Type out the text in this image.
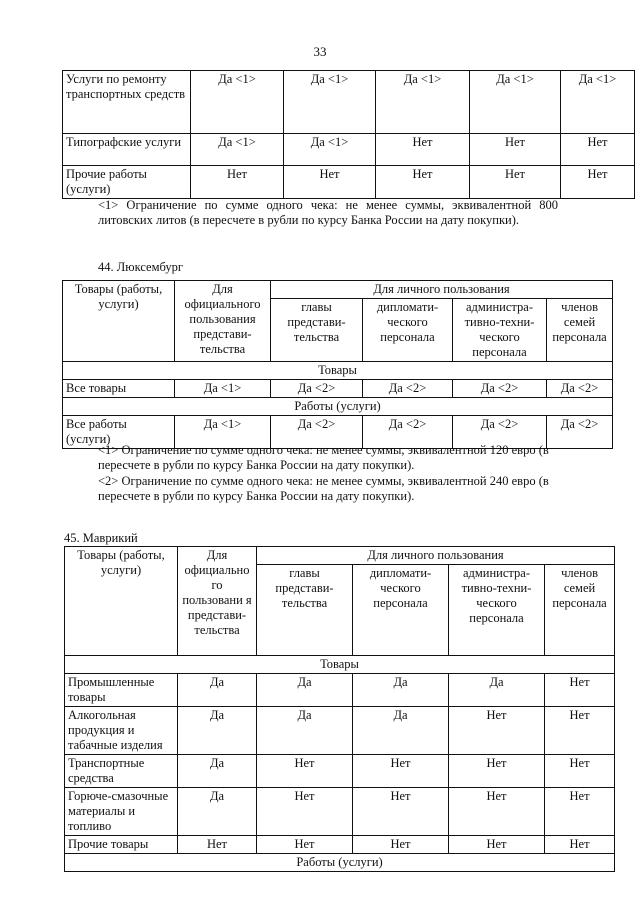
33
Услуги по ремонту транспортных средств	Да <1>	Да <1>	Да <1>	Да <1>	Да <1>
Типографские услуги	Да <1>	Да <1>	Нет	Нет	Нет
Прочие работы (услуги)	Нет	Нет	Нет	Нет	Нет
<1> Ограничение по сумме одного чека: не менее суммы, эквивалентной 800 литовских литов (в пересчете в рубли по курсу Банка России на дату покупки).
44. Люксембург
Товары (работы, услуги)	Для официального пользования представи-тельства	Для личного пользования			
		главы представи-тельства	дипломати-ческого персонала	администра-тивно-техни-ческого персонала	членов семей персонала
Товары					
Все товары	Да <1>	Да <2>	Да <2>	Да <2>	Да <2>
Работы (услуги)					
Все работы (услуги)	Да <1>	Да <2>	Да <2>	Да <2>	Да <2>
<1> Ограничение по сумме одного чека: не менее суммы, эквивалентной 120 евро (в пересчете в рубли по курсу Банка России на дату покупки).
<2> Ограничение по сумме одного чека: не менее суммы, эквивалентной 240 евро (в пересчете в рубли по курсу Банка России на дату покупки).
45. Маврикий
Товары (работы, услуги)	Для официально го пользовани я представи-тельства	Для личного пользования			
		главы представи-тельства	дипломати-ческого персонала	администра-тивно-техни-ческого персонала	членов семей персонала
Товары					
Промышленные товары	Да	Да	Да	Да	Нет
Алкогольная продукция и табачные изделия	Да	Да	Да	Нет	Нет
Транспортные средства	Да	Нет	Нет	Нет	Нет
Горюче-смазочные материалы и топливо	Да	Нет	Нет	Нет	Нет
Прочие товары	Нет	Нет	Нет	Нет	Нет
Работы (услуги)					
